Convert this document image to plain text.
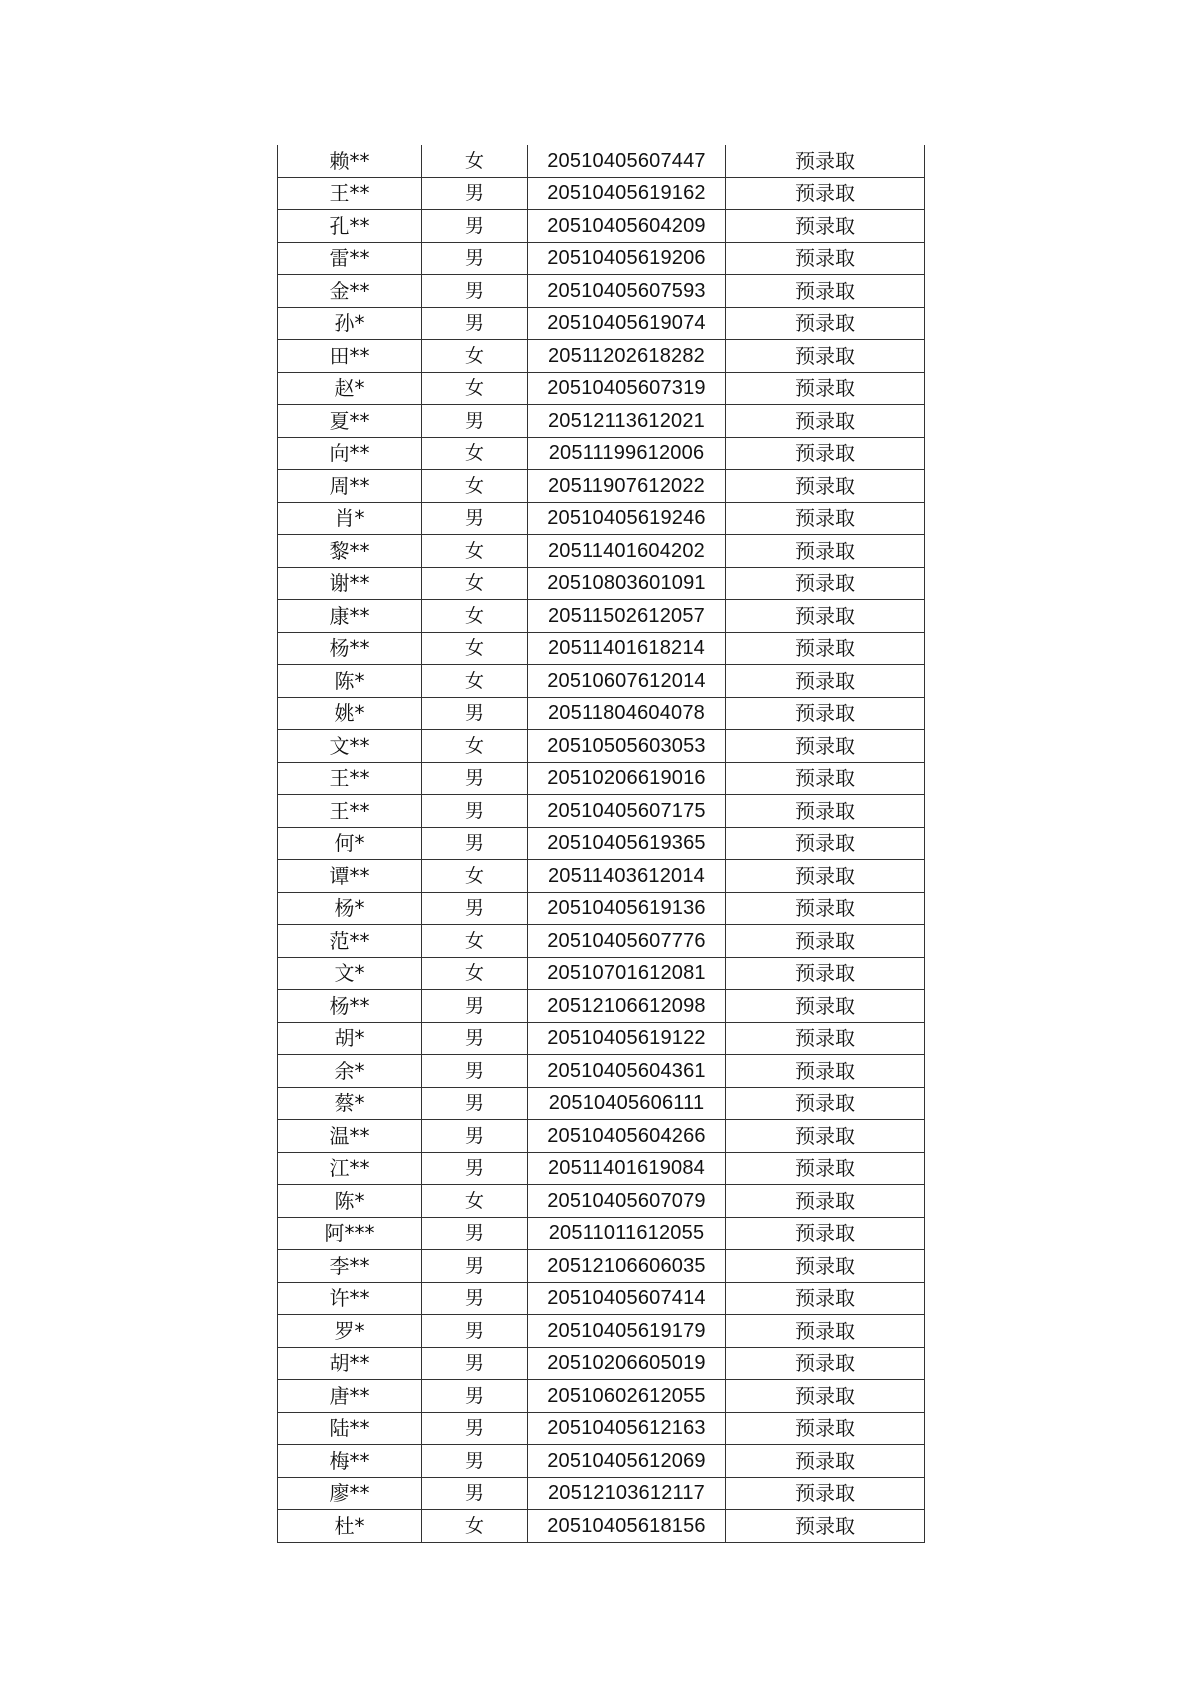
赖**	女	20510405607447	预录取
王**	男	20510405619162	预录取
孔**	男	20510405604209	预录取
雷**	男	20510405619206	预录取
金**	男	20510405607593	预录取
孙*	男	20510405619074	预录取
田**	女	20511202618282	预录取
赵*	女	20510405607319	预录取
夏**	男	20512113612021	预录取
向**	女	20511199612006	预录取
周**	女	20511907612022	预录取
肖*	男	20510405619246	预录取
黎**	女	20511401604202	预录取
谢**	女	20510803601091	预录取
康**	女	20511502612057	预录取
杨**	女	20511401618214	预录取
陈*	女	20510607612014	预录取
姚*	男	20511804604078	预录取
文**	女	20510505603053	预录取
王**	男	20510206619016	预录取
王**	男	20510405607175	预录取
何*	男	20510405619365	预录取
谭**	女	20511403612014	预录取
杨*	男	20510405619136	预录取
范**	女	20510405607776	预录取
文*	女	20510701612081	预录取
杨**	男	20512106612098	预录取
胡*	男	20510405619122	预录取
余*	男	20510405604361	预录取
蔡*	男	20510405606111	预录取
温**	男	20510405604266	预录取
江**	男	20511401619084	预录取
陈*	女	20510405607079	预录取
阿***	男	20511011612055	预录取
李**	男	20512106606035	预录取
许**	男	20510405607414	预录取
罗*	男	20510405619179	预录取
胡**	男	20510206605019	预录取
唐**	男	20510602612055	预录取
陆**	男	20510405612163	预录取
梅**	男	20510405612069	预录取
廖**	男	20512103612117	预录取
杜*	女	20510405618156	预录取
